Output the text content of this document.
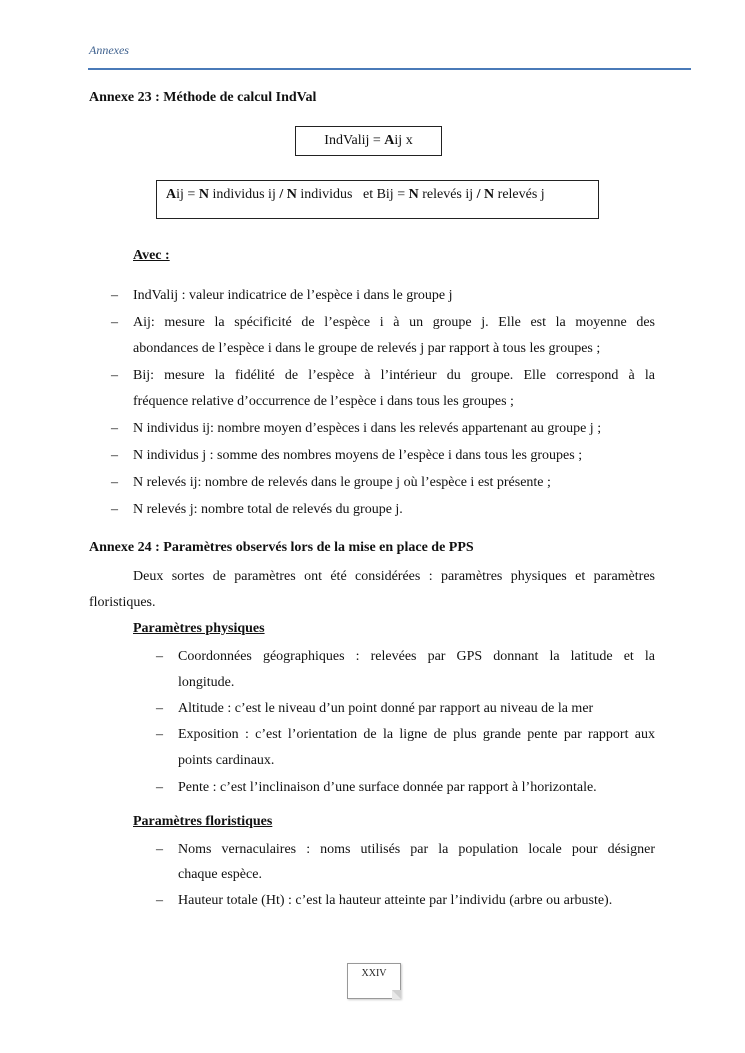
Annexes
Annexe 23 : Méthode de calcul IndVal
IndValij = Aij x
Aij = N individus ij / N individus   et Bij = N relevés ij / N relevés j
Avec :
– IndValij : valeur indicatrice de l’espèce i dans le groupe j
– Aij: mesure la spécificité de l’espèce i à un groupe j. Elle est la moyenne des
abondances de l’espèce i dans le groupe de relevés j par rapport à tous les groupes ;
– Bij: mesure la fidélité de l’espèce à l’intérieur du groupe. Elle correspond à la
fréquence relative d’occurrence de l’espèce i dans tous les groupes ;
– N individus ij: nombre moyen d’espèces i dans les relevés appartenant au groupe j ;
– N individus j : somme des nombres moyens de l’espèce i dans tous les groupes ;
– N relevés ij: nombre de relevés dans le groupe j où l’espèce i est présente ;
– N relevés j: nombre total de relevés du groupe j.
Annexe 24 : Paramètres observés lors de la mise en place de PPS
Deux sortes de paramètres ont été considérées : paramètres physiques et paramètres
floristiques.
Paramètres physiques
– Coordonnées géographiques : relevées par GPS donnant la latitude et la
longitude.
– Altitude : c’est le niveau d’un point donné par rapport au niveau de la mer
– Exposition : c’est l’orientation de la ligne de plus grande pente par rapport aux
points cardinaux.
– Pente : c’est l’inclinaison d’une surface donnée par rapport à l’horizontale.
Paramètres floristiques
– Noms vernaculaires : noms utilisés par la population locale pour désigner
chaque espèce.
– Hauteur totale (Ht) : c’est la hauteur atteinte par l’individu (arbre ou arbuste).
XXIV
